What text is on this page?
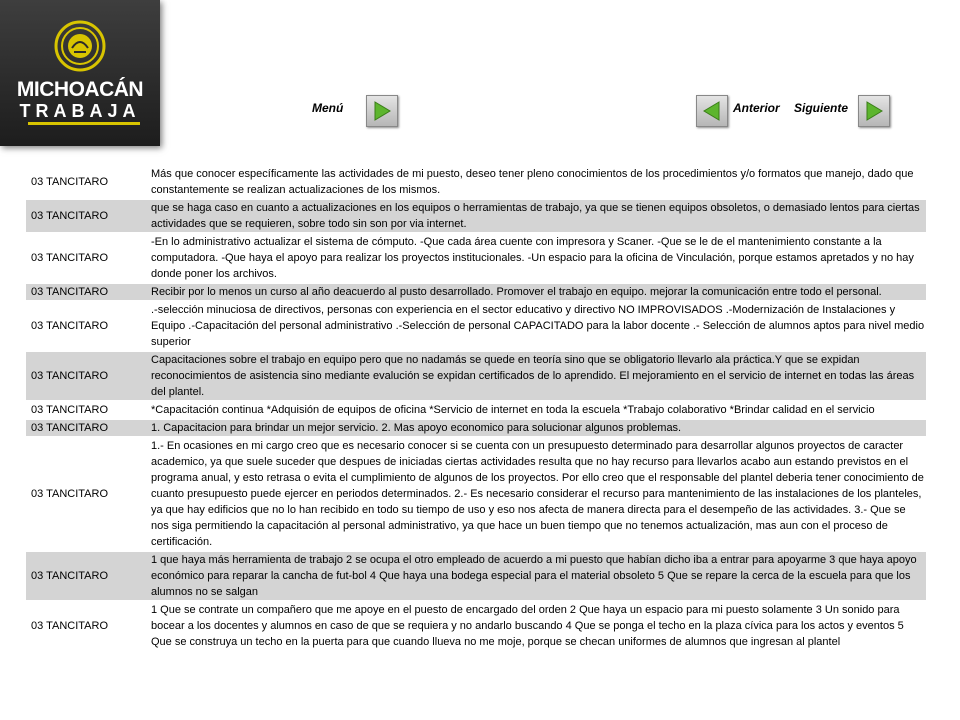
MICHOACÁN
TRABAJA	Menú	Anterior Siguiente
03 TANCITARO	Más que conocer específicamente las actividades de mi puesto, deseo tener pleno conocimientos de los procedimientos y/o formatos que manejo, dado que constantemente se realizan actualizaciones de los mismos.
03 TANCITARO	que se haga caso en cuanto a actualizaciones en los equipos o herramientas de trabajo, ya que se tienen equipos obsoletos, o demasiado lentos para ciertas actividades que se requieren, sobre todo sin son por via internet.
03 TANCITARO	-En lo administrativo actualizar el sistema de cómputo. -Que cada área cuente con impresora y Scaner. -Que se le de el mantenimiento constante a la computadora. -Que haya el apoyo para realizar los proyectos institucionales. -Un espacio para la oficina de Vinculación, porque estamos apretados y no hay donde poner los archivos.
03 TANCITARO	Recibir por lo menos un curso al año deacuerdo al pusto desarrollado. Promover el trabajo en equipo. mejorar la comunicación entre todo el personal.
03 TANCITARO	.-selección minuciosa de directivos, personas con experiencia en el sector educativo y directivo NO IMPROVISADOS .-Modernización de Instalaciones y Equipo .-Capacitación del personal administrativo .-Selección de personal CAPACITADO para la labor docente .- Selección de alumnos aptos para nivel medio superior
03 TANCITARO	Capacitaciones sobre el trabajo en equipo pero que no nadamás se quede en teoría sino que se obligatorio llevarlo ala práctica.Y que se expidan reconocimientos de asistencia sino mediante evalución se expidan certificados de lo aprendido. El mejoramiento en el servicio de internet en todas las áreas del plantel.
03 TANCITARO	*Capacitación continua *Adquisión de equipos de oficina *Servicio de internet en toda la escuela *Trabajo colaborativo *Brindar calidad en el servicio
03 TANCITARO	1. Capacitacion para brindar un mejor servicio. 2. Mas apoyo economico para solucionar algunos problemas.
03 TANCITARO	1.- En ocasiones en mi cargo creo que es necesario conocer si se cuenta con un presupuesto determinado para desarrollar algunos proyectos de caracter academico, ya que suele suceder que despues de iniciadas ciertas actividades resulta que no hay recurso para llevarlos acabo aun estando previstos en el programa anual, y esto retrasa o evita el cumplimiento de algunos de los proyectos. Por ello creo que el responsable del plantel deberia tener conocimiento de cuanto presupuesto puede ejercer en periodos determinados. 2.- Es necesario considerar el recurso para mantenimiento de las instalaciones de los planteles, ya que hay edificios que no lo han recibido en todo su tiempo de uso y eso nos afecta de manera directa para el desempeño de las actividades. 3.- Que se nos siga permitiendo la capacitación al personal administrativo, ya que hace un buen tiempo que no tenemos actualización, mas aun con el proceso de certificación.
03 TANCITARO	1 que haya más herramienta de trabajo 2 se ocupa el otro empleado de acuerdo a mi puesto que habían dicho iba a entrar para apoyarme 3 que haya apoyo económico para reparar la cancha de fut-bol 4 Que haya una bodega especial para el material obsoleto 5 Que se repare la cerca de la escuela para que los alumnos no se salgan
03 TANCITARO	1 Que se contrate un compañero que me apoye en el puesto de encargado del orden 2 Que haya un espacio para mi puesto solamente 3 Un sonido para bocear a los docentes y alumnos en caso de que se requiera y no andarlo buscando 4 Que se ponga el techo en la plaza cívica para los actos y eventos 5 Que se construya un techo en la puerta para que cuando llueva no me moje, porque se checan uniformes de alumnos que ingresan al plantel
